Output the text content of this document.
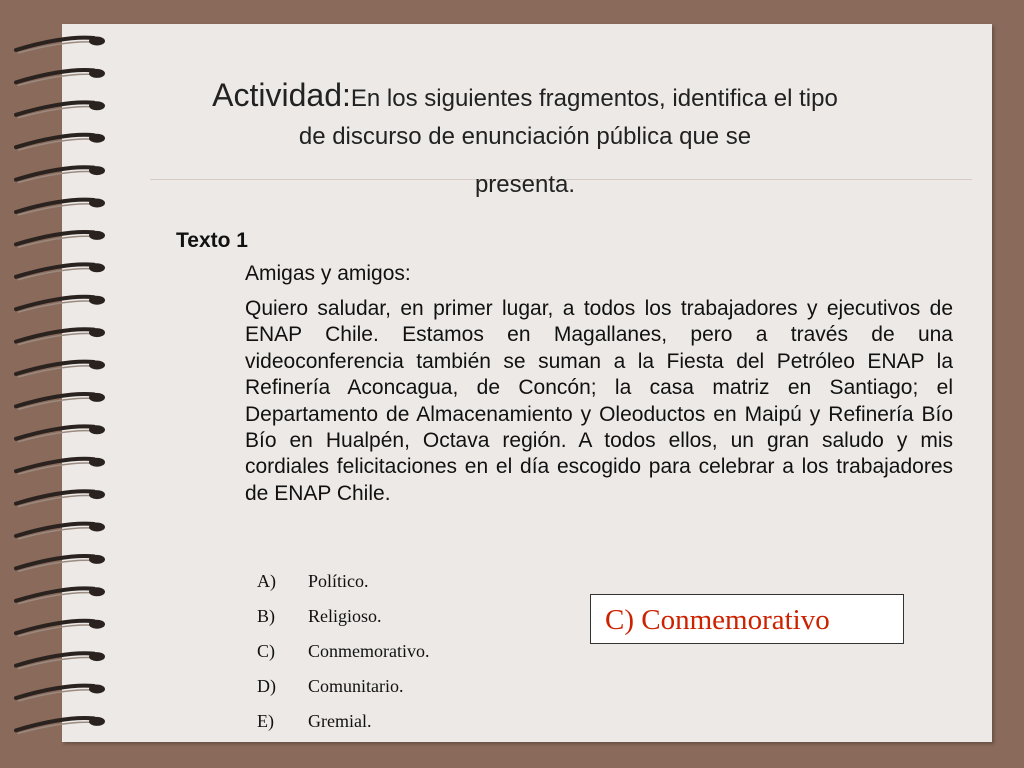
Actividad:En los siguientes fragmentos, identifica el tipo de discurso de enunciación pública que se
presenta.
Texto 1
Amigas y amigos:
Quiero saludar, en primer lugar, a todos los trabajadores y ejecutivos de ENAP Chile. Estamos en Magallanes, pero a través de una videoconferencia también se suman a la Fiesta del Petróleo ENAP la Refinería Aconcagua, de Concón; la casa matriz en Santiago; el Departamento de Almacenamiento y Oleoductos en Maipú y Refinería Bío Bío en Hualpén, Octava región. A todos ellos, un gran saludo y mis cordiales felicitaciones en el día escogido para celebrar a los trabajadores de ENAP Chile.
A) Político.
B) Religioso.
C) Conmemorativo.
D) Comunitario.
E) Gremial.
C) Conmemorativo
